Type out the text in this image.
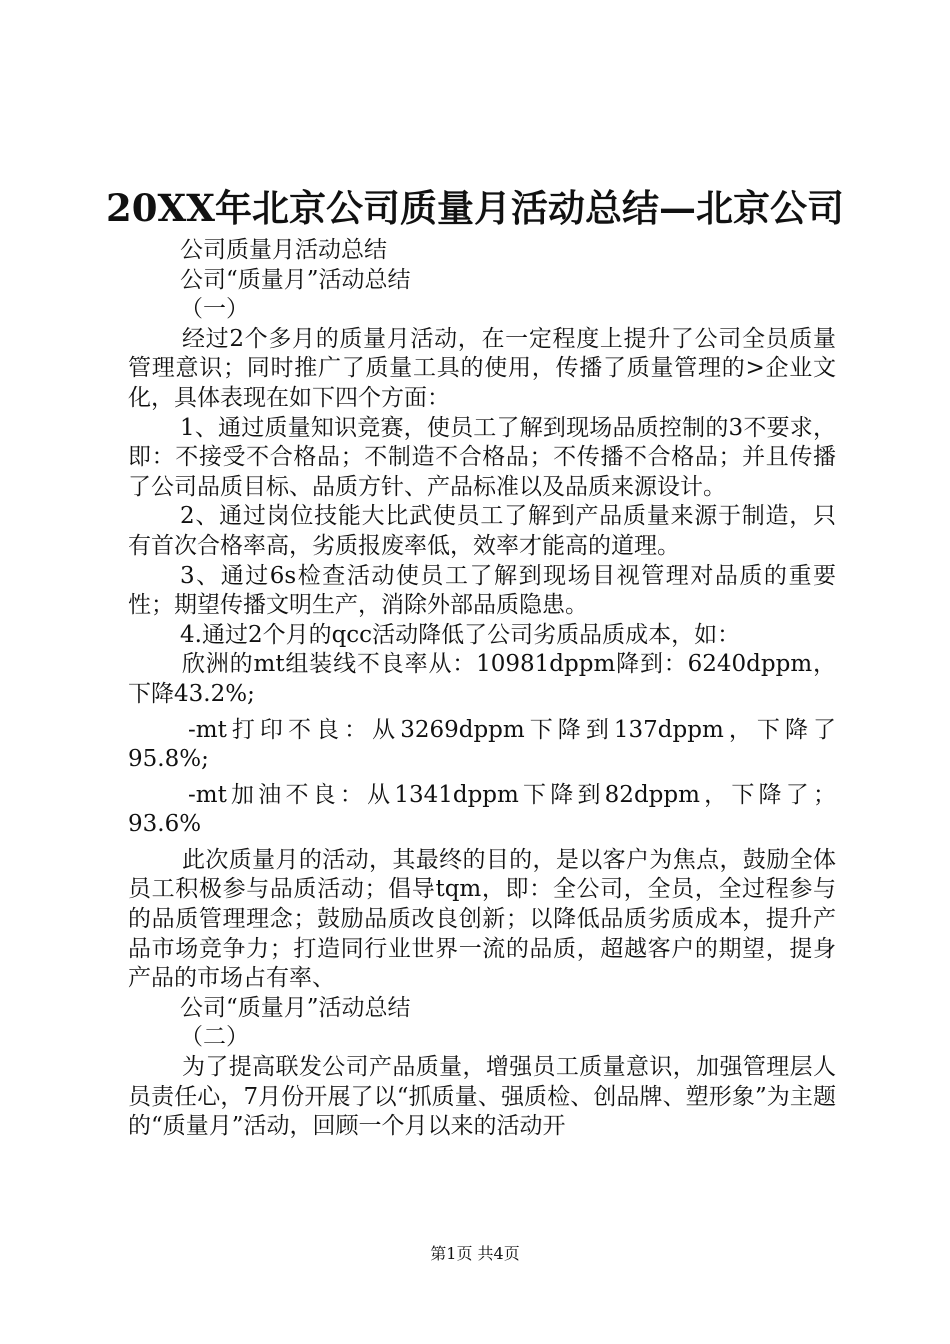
20XX年北京公司质量月活动总结—北京公司

公司质量月活动总结

公司“质量月”活动总结

（一）

经过2个多月的质量月活动，在一定程度上提升了公司全员质量管理意识；同时推广了质量工具的使用，传播了质量管理的>企业文化，具体表现在如下四个方面：

1、通过质量知识竞赛，使员工了解到现场品质控制的3不要求，即：不接受不合格品；不制造不合格品；不传播不合格品；并且传播了公司品质目标、品质方针、产品标准以及品质来源设计。

2、通过岗位技能大比武使员工了解到产品质量来源于制造，只有首次合格率高，劣质报废率低，效率才能高的道理。

3、通过6s检查活动使员工了解到现场目视管理对品质的重要性；期望传播文明生产，消除外部品质隐患。

4.通过2个月的qcc活动降低了公司劣质品质成本，如：

欣洲的mt组装线不良率从：10981dppm降到：6240dppm，下降43.2%;

-mt打印不良：从3269dppm下降到137dppm，下降了95.8%;

-mt加油不良：从1341dppm下降到82dppm，下降了；93.6%

此次质量月的活动，其最终的目的，是以客户为焦点，鼓励全体员工积极参与品质活动；倡导tqm，即：全公司，全员，全过程参与的品质管理理念；鼓励品质改良创新；以降低品质劣质成本，提升产品市场竞争力；打造同行业世界一流的品质，超越客户的期望，提身产品的市场占有率、

公司“质量月”活动总结

（二）

为了提高联发公司产品质量，增强员工质量意识，加强管理层人员责任心，7月份开展了以“抓质量、强质检、创品牌、塑形象”为主题的“质量月”活动，回顾一个月以来的活动开

第1页 共4页
